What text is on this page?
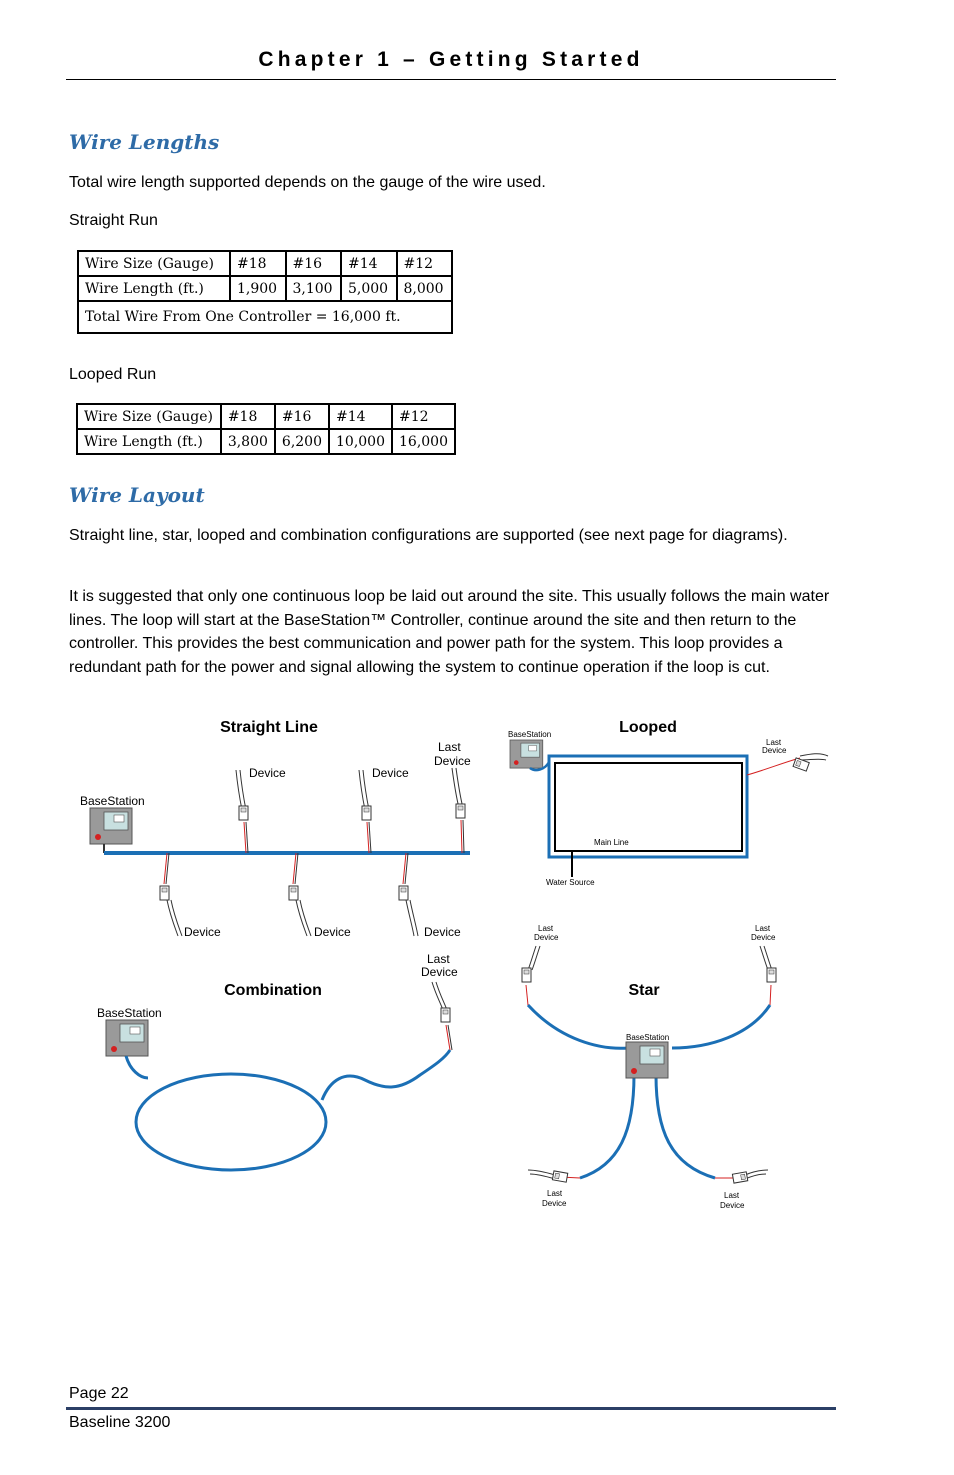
Chapter 1 – Getting Started
Wire Lengths

Total wire length supported depends on the gauge of the wire used.

Straight Run

Wire Size (Gauge)	#18	#16	#14	#12
Wire Length (ft.)	1,900	3,100	5,000	8,000
Total Wire From One Controller = 16,000 ft.				

Looped Run

Wire Size (Gauge)	#18	#16	#14	#12
Wire Length (ft.)	3,800	6,200	10,000	16,000
Wire Layout

Straight line, star, looped and combination configurations are supported (see next page for diagrams).

It is suggested that only one continuous loop be laid out around the site. This usually follows the main water lines. The loop will start at the BaseStation™ Controller, continue around the site and then return to the controller. This provides the best communication and power path for the system. This loop provides a redundant path for the power and signal allowing the system to continue operation if the loop is cut.

Straight Line
BaseStation
Device	Device
Last
Device
Device	Device	Device
Looped
BaseStation
Main Line
Water Source
Last
Device
Combination
BaseStation
Last
Device
Star
BaseStation
Last
Device
Last
Device
Last
Device
Last
Device
Page 22
Baseline 3200
